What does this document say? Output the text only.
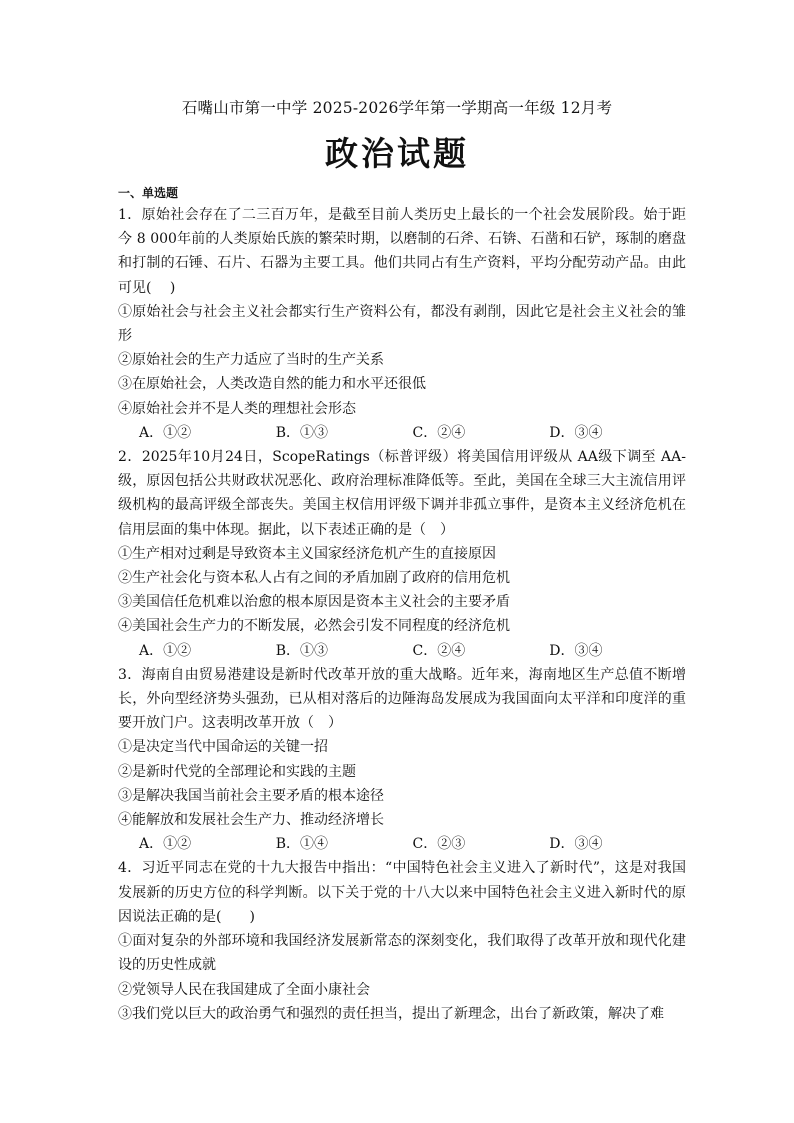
石嘴山市第一中学 2025-2026学年第一学期高一年级 12月考
政治试题
一、单选题
1．原始社会存在了二三百万年，是截至目前人类历史上最长的一个社会发展阶段。始于距今 8 000年前的人类原始氏族的繁荣时期，以磨制的石斧、石锛、石凿和石铲，琢制的磨盘和打制的石锤、石片、石器为主要工具。他们共同占有生产资料，平均分配劳动产品。由此可见(　 )
①原始社会与社会主义社会都实行生产资料公有，都没有剥削，因此它是社会主义社会的雏形
②原始社会的生产力适应了当时的生产关系
③在原始社会，人类改造自然的能力和水平还很低
④原始社会并不是人类的理想社会形态
A．①②	B．①③	C．②④	D．③④
2．2025年10月24日，ScopeRatings（标普评级）将美国信用评级从 AA级下调至 AA-级，原因包括公共财政状况恶化、政府治理标准降低等。至此，美国在全球三大主流信用评级机构的最高评级全部丧失。美国主权信用评级下调并非孤立事件，是资本主义经济危机在信用层面的集中体现。据此，以下表述正确的是（　）
①生产相对过剩是导致资本主义国家经济危机产生的直接原因
②生产社会化与资本私人占有之间的矛盾加剧了政府的信用危机
③美国信任危机难以治愈的根本原因是资本主义社会的主要矛盾
④美国社会生产力的不断发展，必然会引发不同程度的经济危机
A．①②	B．①③	C．②④	D．③④
3．海南自由贸易港建设是新时代改革开放的重大战略。近年来，海南地区生产总值不断增长，外向型经济势头强劲，已从相对落后的边陲海岛发展成为我国面向太平洋和印度洋的重要开放门户。这表明改革开放（　）
①是决定当代中国命运的关键一招
②是新时代党的全部理论和实践的主题
③是解决我国当前社会主要矛盾的根本途径
④能解放和发展社会生产力、推动经济增长
A．①②	B．①④	C．②③	D．③④
4．习近平同志在党的十九大报告中指出：“中国特色社会主义进入了新时代”，这是对我国发展新的历史方位的科学判断。以下关于党的十八大以来中国特色社会主义进入新时代的原因说法正确的是(　　)
①面对复杂的外部环境和我国经济发展新常态的深刻变化，我们取得了改革开放和现代化建设的历史性成就
②党领导人民在我国建成了全面小康社会
③我们党以巨大的政治勇气和强烈的责任担当，提出了新理念，出台了新政策，解决了难
